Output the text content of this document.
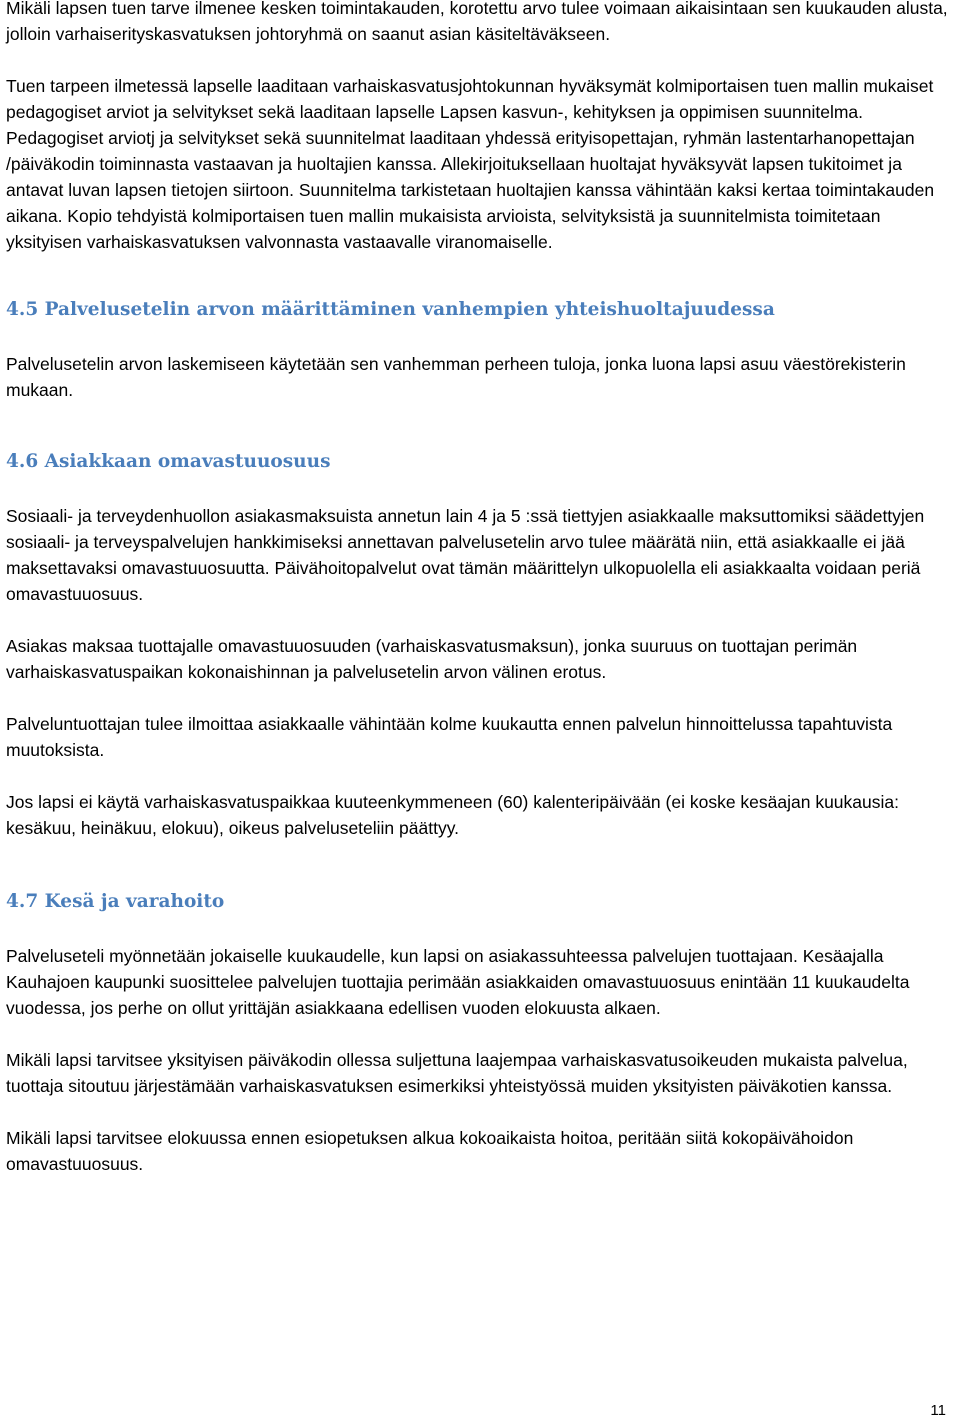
Mikäli lapsen tuen tarve ilmenee kesken toimintakauden, korotettu arvo tulee voimaan aikaisintaan sen kuukauden alusta, jolloin varhaiserityskasvatuksen johtoryhmä on saanut asian käsiteltäväkseen.

Tuen tarpeen ilmetessä lapselle laaditaan varhaiskasvatusjohtokunnan hyväksymät kolmiportaisen tuen mallin mukaiset pedagogiset arviot ja selvitykset sekä laaditaan lapselle Lapsen kasvun-, kehityksen ja oppimisen suunnitelma. Pedagogiset arviotj ja selvitykset sekä suunnitelmat laaditaan yhdessä erityisopettajan, ryhmän lastentarhanopettajan /päiväkodin toiminnasta vastaavan ja huoltajien kanssa. Allekirjoituksellaan huoltajat hyväksyvät lapsen tukitoimet ja antavat luvan lapsen tietojen siirtoon. Suunnitelma tarkistetaan huoltajien kanssa vähintään kaksi kertaa toimintakauden aikana. Kopio tehdyistä kolmiportaisen tuen mallin mukaisista arvioista, selvityksistä ja suunnitelmista toimitetaan yksityisen varhaiskasvatuksen valvonnasta vastaavalle viranomaiselle.

4.5 Palvelusetelin arvon määrittäminen vanhempien yhteishuoltajuudessa

Palvelusetelin arvon laskemiseen käytetään sen vanhemman perheen tuloja, jonka luona lapsi asuu väestörekisterin mukaan.

4.6 Asiakkaan omavastuuosuus

Sosiaali- ja terveydenhuollon asiakasmaksuista annetun lain 4 ja 5 :ssä tiettyjen asiakkaalle maksuttomiksi säädettyjen sosiaali- ja terveyspalvelujen hankkimiseksi annettavan palvelusetelin arvo tulee määrätä niin, että asiakkaalle ei jää maksettavaksi omavastuuosuutta. Päivähoitopalvelut ovat tämän määrittelyn ulkopuolella eli asiakkaalta voidaan periä omavastuuosuus.

Asiakas maksaa tuottajalle omavastuuosuuden (varhaiskasvatusmaksun), jonka suuruus on tuottajan perimän varhaiskasvatuspaikan kokonaishinnan ja palvelusetelin arvon välinen erotus.

Palveluntuottajan tulee ilmoittaa asiakkaalle vähintään kolme kuukautta ennen palvelun hinnoittelussa tapahtuvista muutoksista.

Jos lapsi ei käytä varhaiskasvatuspaikkaa kuuteenkymmeneen (60) kalenteripäivään (ei koske kesäajan kuukausia: kesäkuu, heinäkuu, elokuu), oikeus palveluseteliin päättyy.

4.7 Kesä ja varahoito

Palveluseteli myönnetään jokaiselle kuukaudelle, kun lapsi on asiakassuhteessa palvelujen tuottajaan. Kesäajalla Kauhajoen kaupunki suosittelee palvelujen tuottajia perimään asiakkaiden omavastuuosuus enintään 11 kuukaudelta vuodessa, jos perhe on ollut yrittäjän asiakkaana edellisen vuoden elokuusta alkaen.

Mikäli lapsi tarvitsee yksityisen päiväkodin ollessa suljettuna laajempaa varhaiskasvatusoikeuden mukaista palvelua, tuottaja sitoutuu järjestämään varhaiskasvatuksen esimerkiksi yhteistyössä muiden yksityisten päiväkotien kanssa.

Mikäli lapsi tarvitsee elokuussa ennen esiopetuksen alkua kokoaikaista hoitoa, peritään siitä kokopäivähoidon omavastuuosuus.

11
